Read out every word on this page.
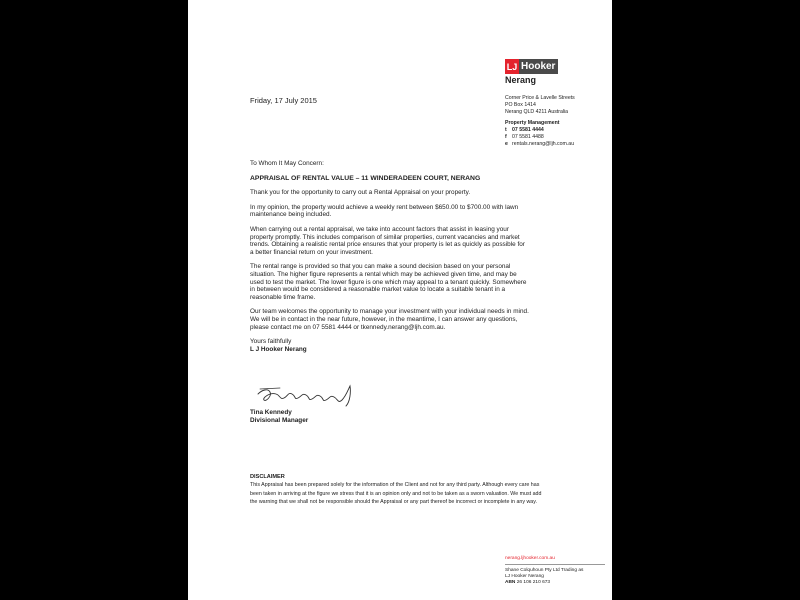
LJ Hooker
Nerang
Friday, 17 July 2015	Corner Price & Lavelle Streets
PO Box 1414
Nerang QLD 4211 Australia
Property Management
t	07 5581 4444
f	07 5581 4488
e rentals.nerang@ljh.com.au

To Whom It May Concern:

APPRAISAL OF RENTAL VALUE – 11 WINDERADEEN COURT, NERANG

Thank you for the opportunity to carry out a Rental Appraisal on your property.

In my opinion, the property would achieve a weekly rent between $650.00 to $700.00 with lawn maintenance being included.

When carrying out a rental appraisal, we take into account factors that assist in leasing your property promptly. This includes comparison of similar properties, current vacancies and market trends. Obtaining a realistic rental price ensures that your property is let as quickly as possible for a better financial return on your investment.

The rental range is provided so that you can make a sound decision based on your personal situation. The higher figure represents a rental which may be achieved given time, and may be used to test the market. The lower figure is one which may appeal to a tenant quickly. Somewhere in between would be considered a reasonable market value to locate a suitable tenant in a reasonable time frame.

Our team welcomes the opportunity to manage your investment with your individual needs in mind. We will be in contact in the near future, however, in the meantime, I can answer any questions, please contact me on 07 5581 4444 or tkennedy.nerang@ljh.com.au.

Yours faithfully

L J Hooker Nerang

Tina Kennedy
Divisional Manager
DISCLAIMER
This Appraisal has been prepared solely for the information of the Client and not for any third party. Although every care has been taken in arriving at the figure we stress that it is an opinion only and not to be taken as a sworn valuation. We must add the warning that we shall not be responsible should the Appraisal or any part thereof be incorrect or incomplete in any way.
nerang.ljhooker.com.au
Shane Colquhoun Pty Ltd Trading as
LJ Hooker Nerang
ABN 26 106 210 673
